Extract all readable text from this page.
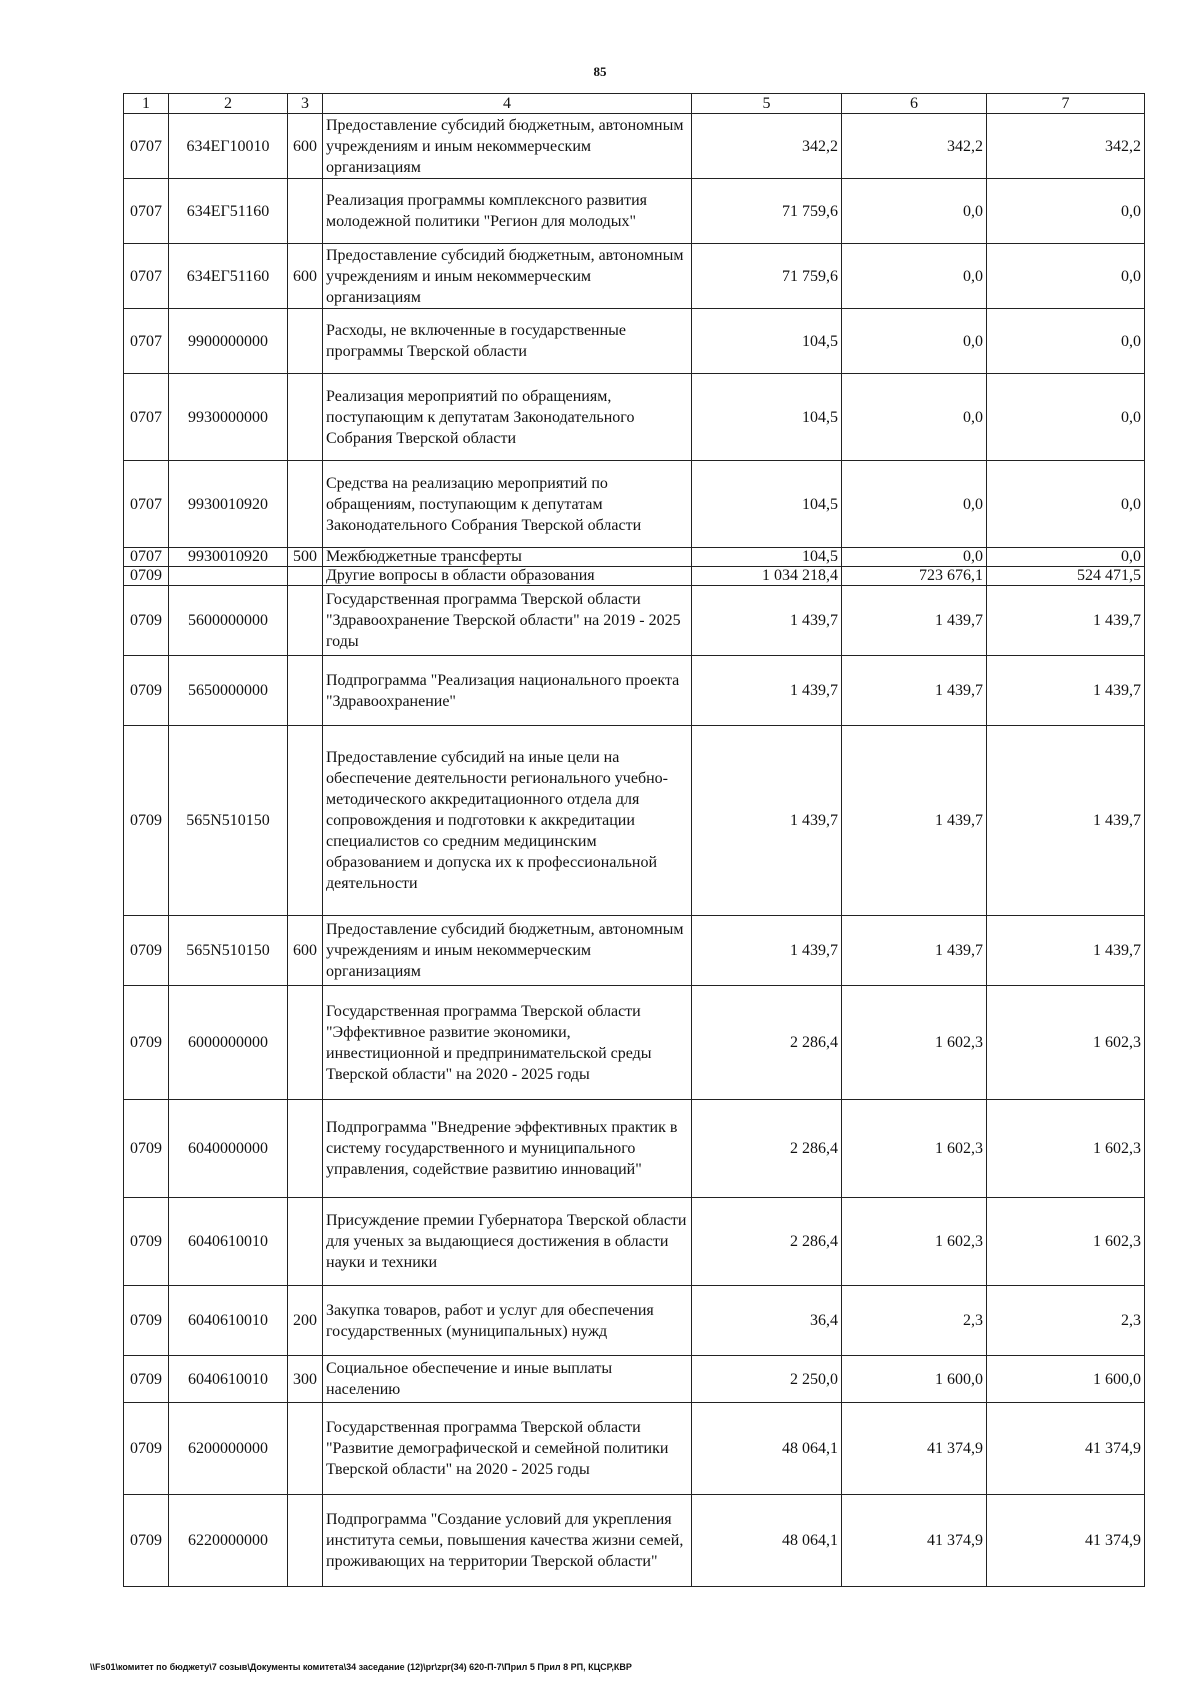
85
1	2	3	4	5	6	7
0707	634ЕГ10010	600	Предоставление субсидий бюджетным, автономным учреждениям и иным некоммерческим организациям	342,2	342,2	342,2
0707	634ЕГ51160		Реализация программы комплексного развития молодежной политики "Регион для молодых"	71 759,6	0,0	0,0
0707	634ЕГ51160	600	Предоставление субсидий бюджетным, автономным учреждениям и иным некоммерческим организациям	71 759,6	0,0	0,0
0707	9900000000		Расходы, не включенные в государственные программы Тверской области	104,5	0,0	0,0
0707	9930000000		Реализация мероприятий по обращениям, поступающим к депутатам Законодательного Собрания Тверской области	104,5	0,0	0,0
0707	9930010920		Средства на реализацию мероприятий по обращениям, поступающим к депутатам Законодательного Собрания Тверской области	104,5	0,0	0,0
0707	9930010920	500	Межбюджетные трансферты	104,5	0,0	0,0
0709			Другие вопросы в области образования	1 034 218,4	723 676,1	524 471,5
0709	5600000000		Государственная программа Тверской области "Здравоохранение Тверской области" на 2019 - 2025 годы	1 439,7	1 439,7	1 439,7
0709	5650000000		Подпрограмма "Реализация национального проекта "Здравоохранение"	1 439,7	1 439,7	1 439,7
0709	565N510150		Предоставление субсидий на иные цели на обеспечение деятельности регионального учебно-методического аккредитационного отдела для сопровождения и подготовки к аккредитации специалистов со средним медицинским образованием и допуска их к профессиональной деятельности	1 439,7	1 439,7	1 439,7
0709	565N510150	600	Предоставление субсидий бюджетным, автономным учреждениям и иным некоммерческим организациям	1 439,7	1 439,7	1 439,7
0709	6000000000		Государственная программа Тверской области "Эффективное развитие экономики, инвестиционной и предпринимательской среды Тверской области" на 2020 - 2025 годы	2 286,4	1 602,3	1 602,3
0709	6040000000		Подпрограмма "Внедрение эффективных практик в систему государственного и муниципального управления, содействие развитию инноваций"	2 286,4	1 602,3	1 602,3
0709	6040610010		Присуждение премии Губернатора Тверской области для ученых за выдающиеся достижения в области науки и техники	2 286,4	1 602,3	1 602,3
0709	6040610010	200	Закупка товаров, работ и услуг для обеспечения государственных (муниципальных) нужд	36,4	2,3	2,3
0709	6040610010	300	Социальное обеспечение и иные выплаты населению	2 250,0	1 600,0	1 600,0
0709	6200000000		Государственная программа Тверской области "Развитие демографической и семейной политики Тверской области" на 2020 - 2025 годы	48 064,1	41 374,9	41 374,9
0709	6220000000		Подпрограмма "Создание условий для укрепления института семьи, повышения качества жизни семей, проживающих на территории Тверской области"	48 064,1	41 374,9	41 374,9
\\Fs01\комитет по бюджету\7 созыв\Документы комитета\34 заседание (12)\pr\zpr(34) 620-П-7\Прил 5 Прил 8 РП, КЦСР,КВР
